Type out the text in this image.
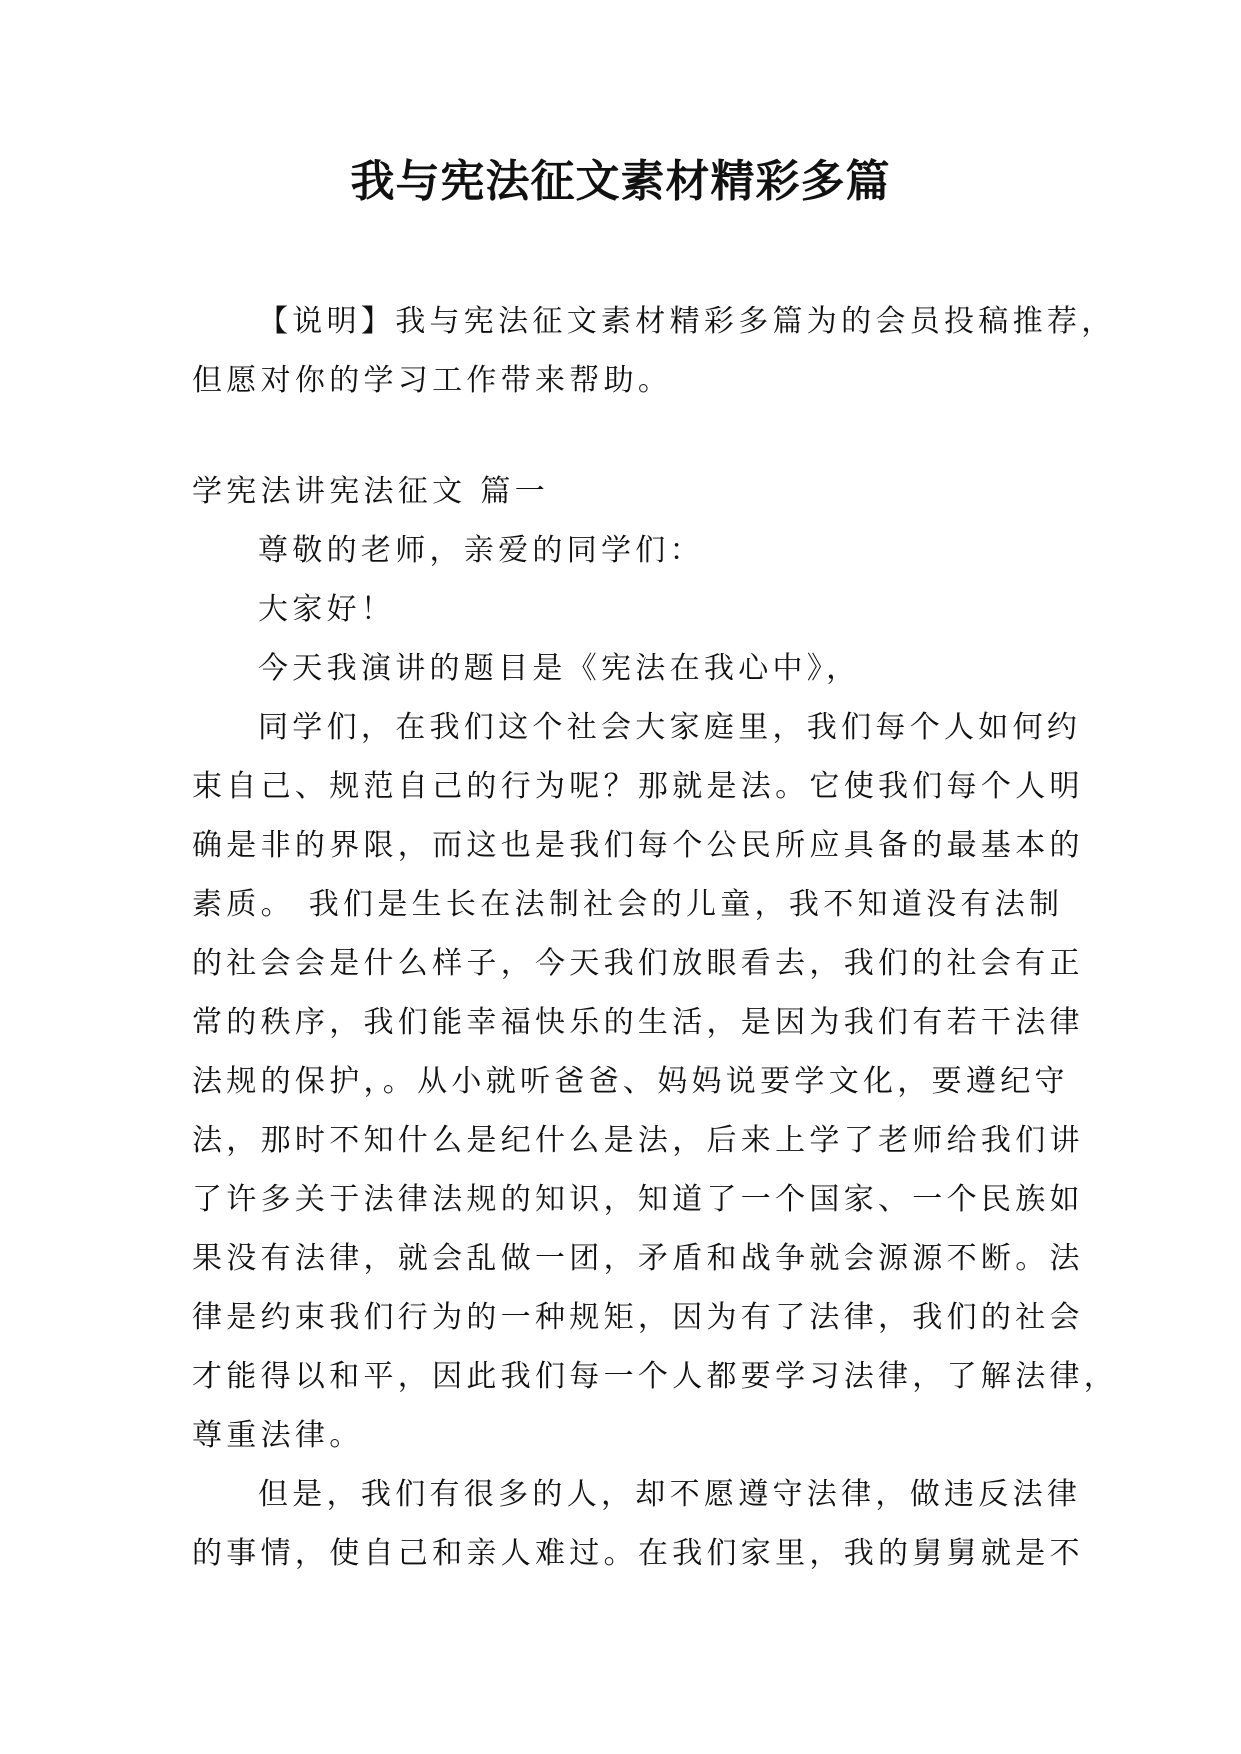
我与宪法征文素材精彩多篇
【说明】我与宪法征文素材精彩多篇为的会员投稿推荐，
但愿对你的学习工作带来帮助。
学宪法讲宪法征文 篇一
尊敬的老师，亲爱的同学们：
大家好！
今天我演讲的题目是《宪法在我心中》，
同学们，在我们这个社会大家庭里，我们每个人如何约
束自己、规范自己的行为呢？那就是法。它使我们每个人明
确是非的界限，而这也是我们每个公民所应具备的最基本的
素质。 我们是生长在法制社会的儿童，我不知道没有法制
的社会会是什么样子，今天我们放眼看去，我们的社会有正
常的秩序，我们能幸福快乐的生活，是因为我们有若干法律
法规的保护，。从小就听爸爸、妈妈说要学文化，要遵纪守
法，那时不知什么是纪什么是法，后来上学了老师给我们讲
了许多关于法律法规的知识，知道了一个国家、一个民族如
果没有法律，就会乱做一团，矛盾和战争就会源源不断。法
律是约束我们行为的一种规矩，因为有了法律，我们的社会
才能得以和平，因此我们每一个人都要学习法律，了解法律，
尊重法律。
但是，我们有很多的人，却不愿遵守法律，做违反法律
的事情，使自己和亲人难过。在我们家里，我的舅舅就是不
